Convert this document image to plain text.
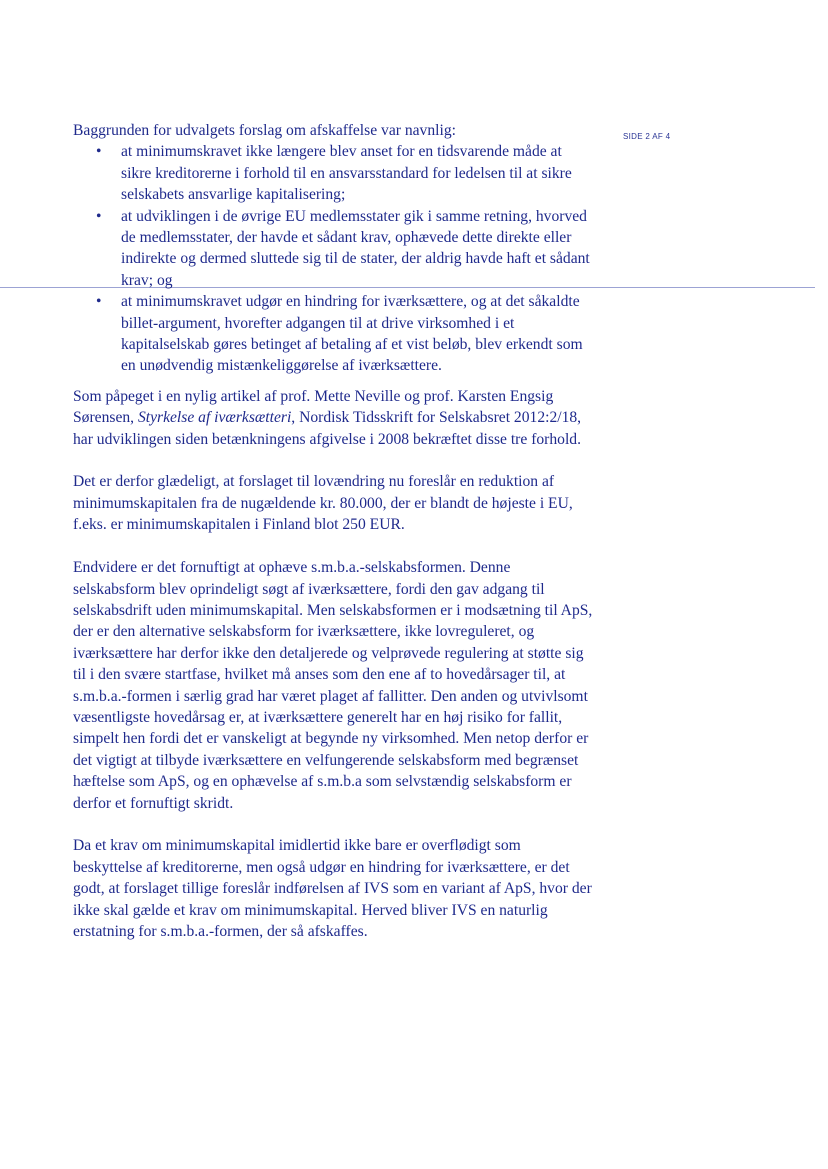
SIDE 2 AF 4

Baggrunden for udvalgets forslag om afskaffelse var navnlig:

• at minimumskravet ikke længere blev anset for en tidsvarende måde at sikre kreditorerne i forhold til en ansvarsstandard for ledelsen til at sikre selskabets ansvarlige kapitalisering;
• at udviklingen i de øvrige EU medlemsstater gik i samme retning, hvorved de medlemsstater, der havde et sådant krav, ophævede dette direkte eller indirekte og dermed sluttede sig til de stater, der aldrig havde haft et sådant krav; og
• at minimumskravet udgør en hindring for iværksættere, og at det såkaldte billet-argument, hvorefter adgangen til at drive virksomhed i et kapitalselskab gøres betinget af betaling af et vist beløb, blev erkendt som en unødvendig mistænkeliggørelse af iværksættere.

Som påpeget i en nylig artikel af prof. Mette Neville og prof. Karsten Engsig Sørensen, Styrkelse af iværksætteri, Nordisk Tidsskrift for Selskabsret 2012:2/18, har udviklingen siden betænkningens afgivelse i 2008 bekræftet disse tre forhold.

Det er derfor glædeligt, at forslaget til lovændring nu foreslår en reduktion af minimumskapitalen fra de nugældende kr. 80.000, der er blandt de højeste i EU, f.eks. er minimumskapitalen i Finland blot 250 EUR.

Endvidere er det fornuftigt at ophæve s.m.b.a.-selskabsformen. Denne selskabsform blev oprindeligt søgt af iværksættere, fordi den gav adgang til selskabsdrift uden minimumskapital. Men selskabsformen er i modsætning til ApS, der er den alternative selskabsform for iværksættere, ikke lovreguleret, og iværksættere har derfor ikke den detaljerede og velprøvede regulering at støtte sig til i den svære startfase, hvilket må anses som den ene af to hovedårsager til, at s.m.b.a.-formen i særlig grad har været plaget af fallitter. Den anden og utvivlsomt væsentligste hovedårsag er, at iværksættere generelt har en høj risiko for fallit, simpelt hen fordi det er vanskeligt at begynde ny virksomhed. Men netop derfor er det vigtigt at tilbyde iværksættere en velfungerende selskabsform med begrænset hæftelse som ApS, og en ophævelse af s.m.b.a som selvstændig selskabsform er derfor et fornuftigt skridt.

Da et krav om minimumskapital imidlertid ikke bare er overflødigt som beskyttelse af kreditorerne, men også udgør en hindring for iværksættere, er det godt, at forslaget tillige foreslår indførelsen af IVS som en variant af ApS, hvor der ikke skal gælde et krav om minimumskapital. Herved bliver IVS en naturlig erstatning for s.m.b.a.-formen, der så afskaffes.
